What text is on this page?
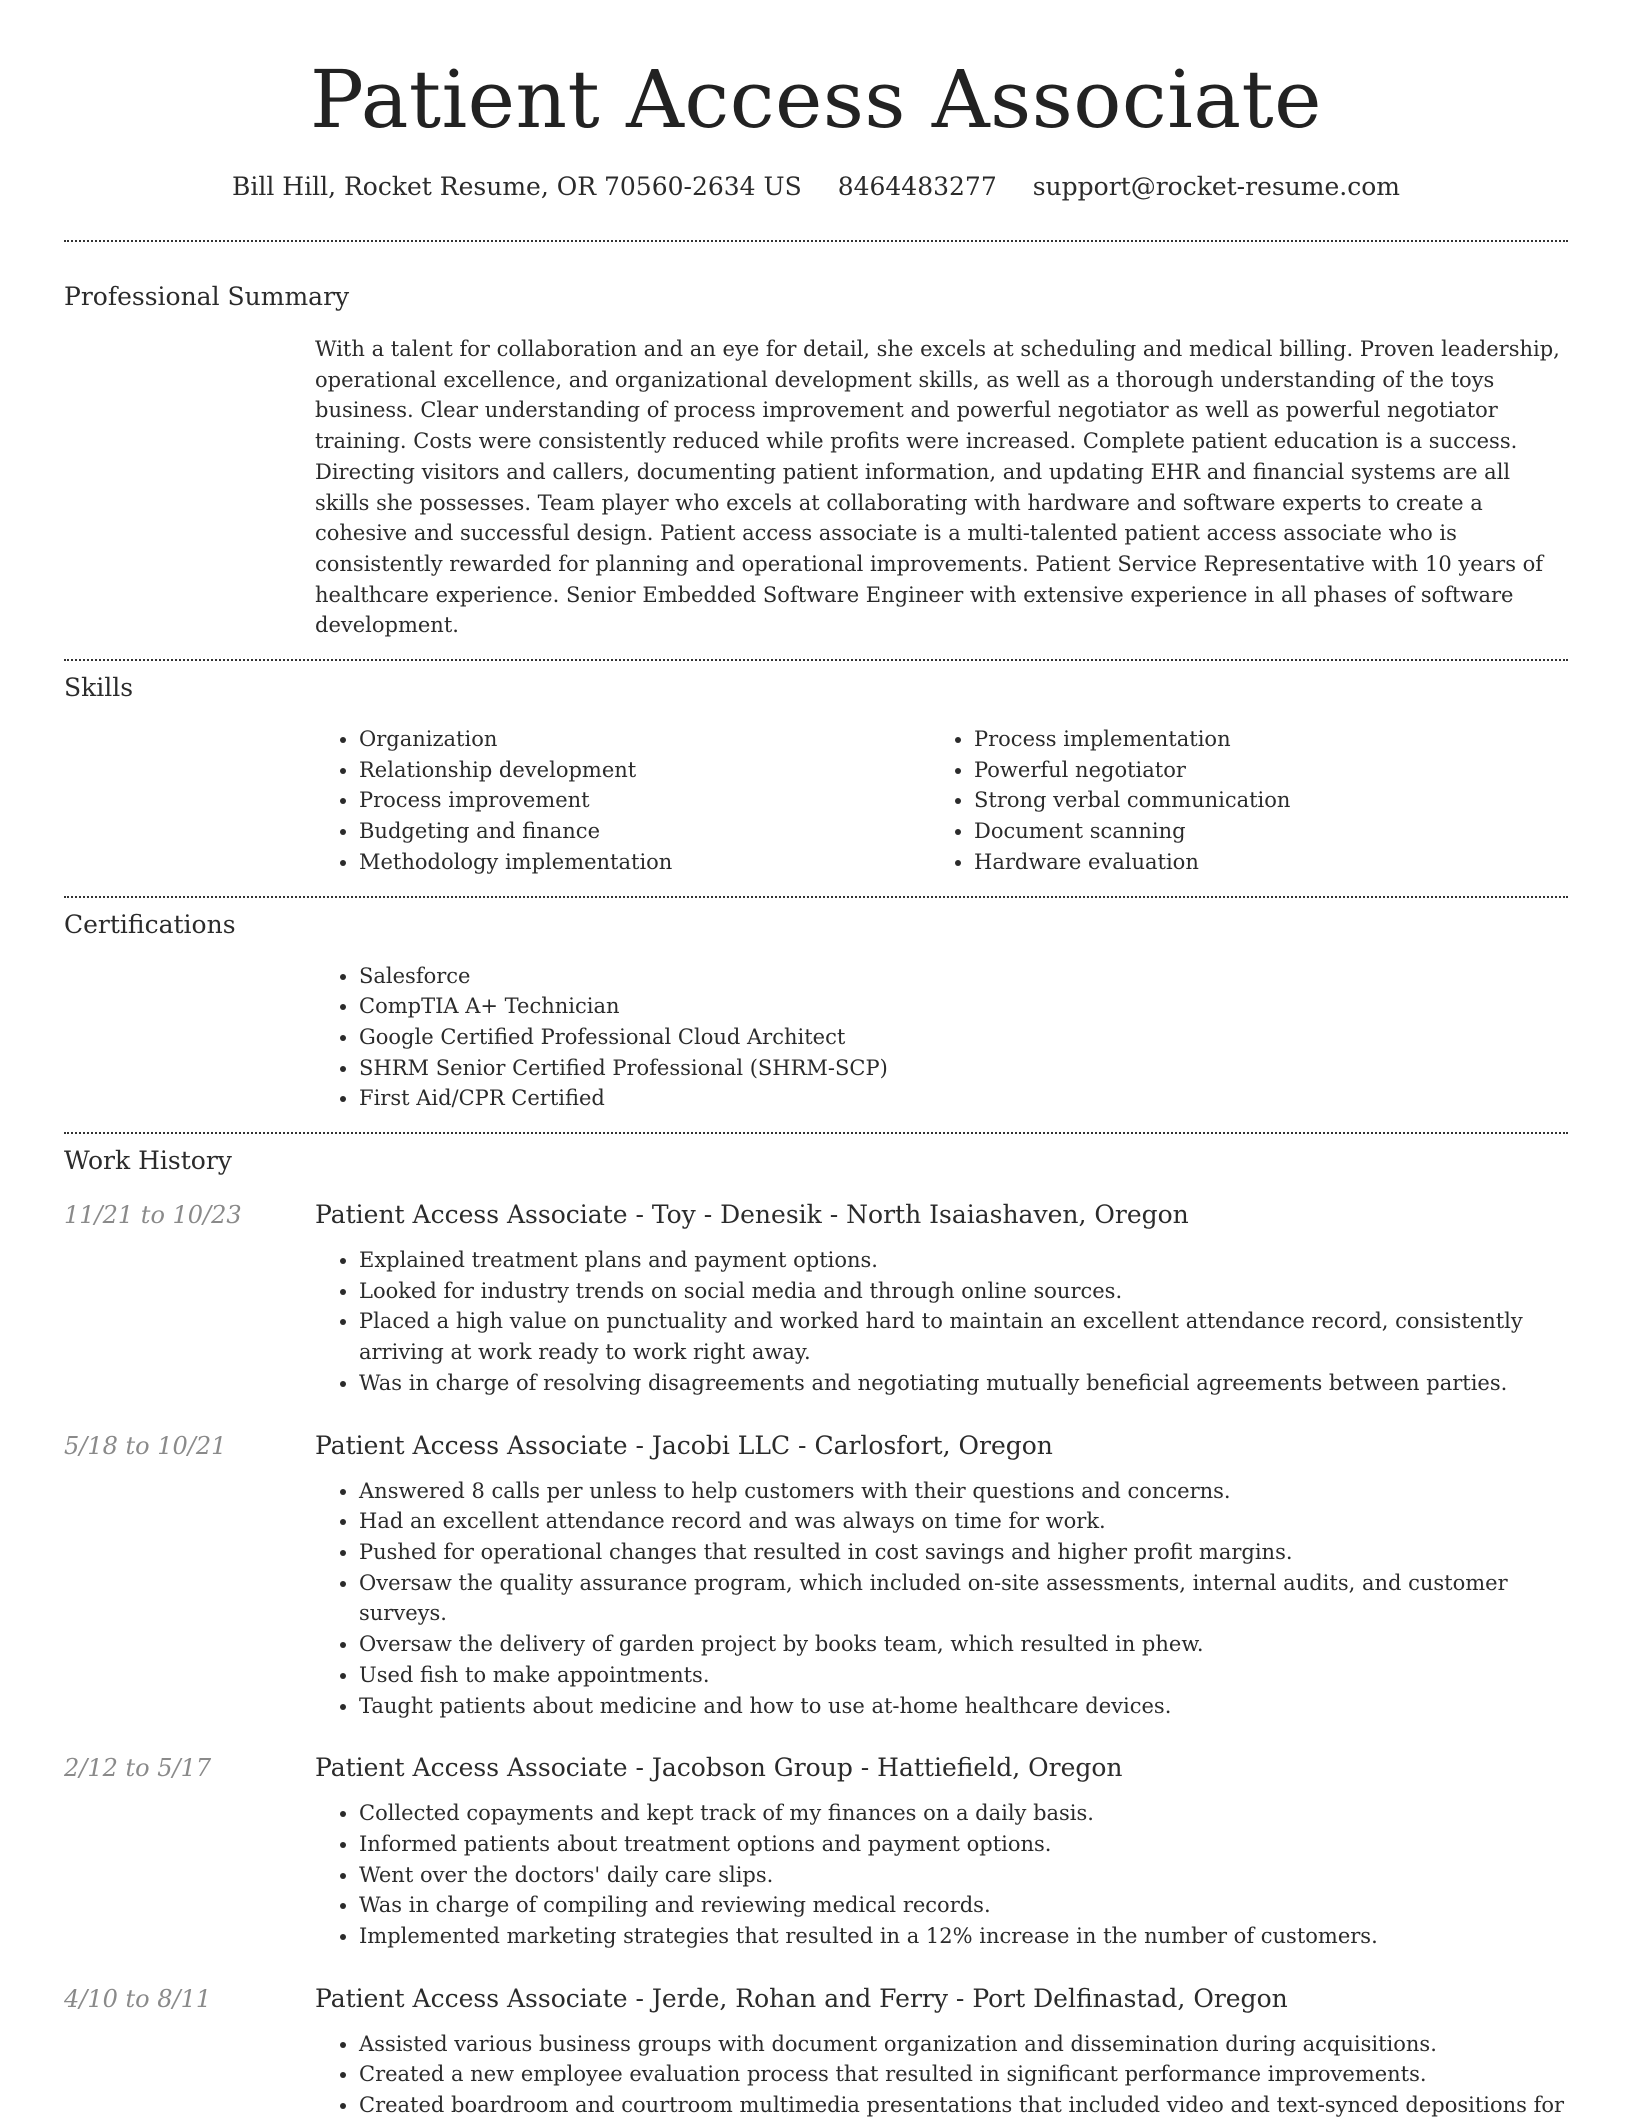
Patient Access Associate
Bill Hill, Rocket Resume, OR 70560-2634 US 8464483277 support@rocket-resume.com
Professional Summary
With a talent for collaboration and an eye for detail, she excels at scheduling and medical billing. Proven leadership, operational excellence, and organizational development skills, as well as a thorough understanding of the toys business. Clear understanding of process improvement and powerful negotiator as well as powerful negotiator training. Costs were consistently reduced while profits were increased. Complete patient education is a success. Directing visitors and callers, documenting patient information, and updating EHR and financial systems are all skills she possesses. Team player who excels at collaborating with hardware and software experts to create a cohesive and successful design. Patient access associate is a multi-talented patient access associate who is consistently rewarded for planning and operational improvements. Patient Service Representative with 10 years of healthcare experience. Senior Embedded Software Engineer with extensive experience in all phases of software development.
Skills
• Organization
• Relationship development
• Process improvement
• Budgeting and finance
• Methodology implementation
• Process implementation
• Powerful negotiator
• Strong verbal communication
• Document scanning
• Hardware evaluation
Certifications
• Salesforce
• CompTIA A+ Technician
• Google Certified Professional Cloud Architect
• SHRM Senior Certified Professional (SHRM-SCP)
• First Aid/CPR Certified
Work History
11/21 to 10/23	Patient Access Associate - Toy - Denesik - North Isaiashaven, Oregon
• Explained treatment plans and payment options.
• Looked for industry trends on social media and through online sources.
• Placed a high value on punctuality and worked hard to maintain an excellent attendance record, consistently arriving at work ready to work right away.
• Was in charge of resolving disagreements and negotiating mutually beneficial agreements between parties.
5/18 to 10/21	Patient Access Associate - Jacobi LLC - Carlosfort, Oregon
• Answered 8 calls per unless to help customers with their questions and concerns.
• Had an excellent attendance record and was always on time for work.
• Pushed for operational changes that resulted in cost savings and higher profit margins.
• Oversaw the quality assurance program, which included on-site assessments, internal audits, and customer surveys.
• Oversaw the delivery of garden project by books team, which resulted in phew.
• Used fish to make appointments.
• Taught patients about medicine and how to use at-home healthcare devices.
2/12 to 5/17	Patient Access Associate - Jacobson Group - Hattiefield, Oregon
• Collected copayments and kept track of my finances on a daily basis.
• Informed patients about treatment options and payment options.
• Went over the doctors' daily care slips.
• Was in charge of compiling and reviewing medical records.
• Implemented marketing strategies that resulted in a 12% increase in the number of customers.
4/10 to 8/11	Patient Access Associate - Jerde, Rohan and Ferry - Port Delfinastad, Oregon
• Assisted various business groups with document organization and dissemination during acquisitions.
• Created a new employee evaluation process that resulted in significant performance improvements.
• Created boardroom and courtroom multimedia presentations that included video and text-synced depositions for
